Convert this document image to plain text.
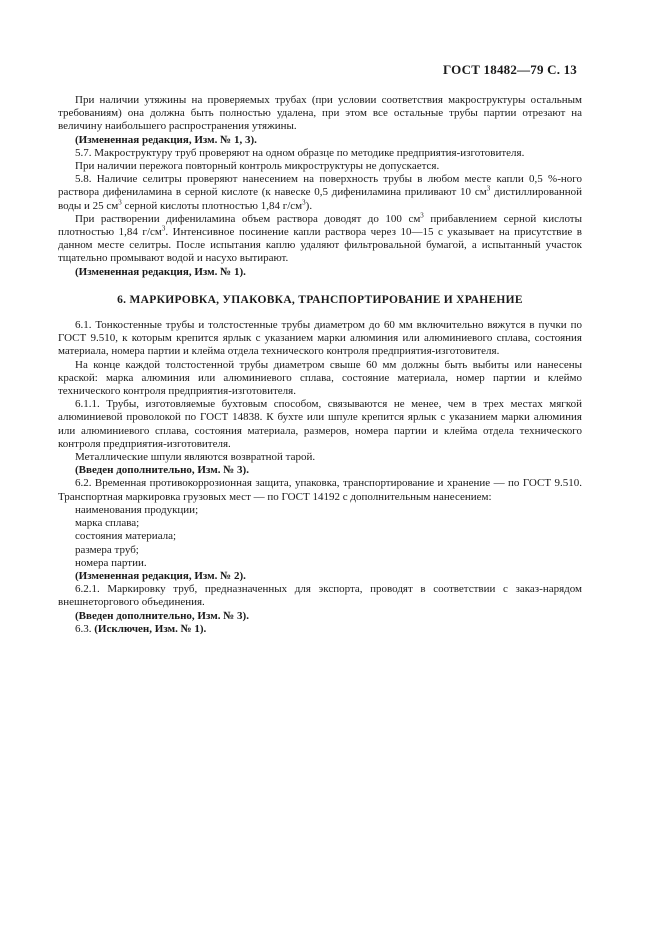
ГОСТ 18482—79 С. 13

При наличии утяжины на проверяемых трубах (при условии соответствия макроструктуры остальным требованиям) она должна быть полностью удалена, при этом все остальные трубы партии отрезают на величину наибольшего распространения утяжины.

(Измененная редакция, Изм. № 1, 3).

5.7. Макроструктуру труб проверяют на одном образце по методике предприятия-изготовителя.

При наличии пережога повторный контроль микроструктуры не допускается.

5.8. Наличие селитры проверяют нанесением на поверхность трубы в любом месте капли 0,5 %-ного раствора дифениламина в серной кислоте (к навеске 0,5 дифениламина приливают 10 $см^3$ дистиллированной воды и 25 $см^3$ серной кислоты плотностью 1,84 $г/см^3$).

При растворении дифениламина объем раствора доводят до 100 $см^3$ прибавлением серной кислоты плотностью 1,84 $г/см^3$. Интенсивное посинение капли раствора через 10—15 с указывает на присутствие в данном месте селитры. После испытания каплю удаляют фильтровальной бумагой, а испытанный участок тщательно промывают водой и насухо вытирают.

(Измененная редакция, Изм. № 1).

6. МАРКИРОВКА, УПАКОВКА, ТРАНСПОРТИРОВАНИЕ И ХРАНЕНИЕ

6.1. Тонкостенные трубы и толстостенные трубы диаметром до 60 мм включительно вяжутся в пучки по ГОСТ 9.510, к которым крепится ярлык с указанием марки алюминия или алюминиевого сплава, состояния материала, номера партии и клейма отдела технического контроля предприятия-изготовителя.

На конце каждой толстостенной трубы диаметром свыше 60 мм должны быть выбиты или нанесены краской: марка алюминия или алюминиевого сплава, состояние материала, номер партии и клеймо технического контроля предприятия-изготовителя.

6.1.1. Трубы, изготовляемые бухтовым способом, связываются не менее, чем в трех местах мягкой алюминиевой проволокой по ГОСТ 14838. К бухте или шпуле крепится ярлык с указанием марки алюминия или алюминиевого сплава, состояния материала, размеров, номера партии и клейма отдела технического контроля предприятия-изготовителя.

Металлические шпули являются возвратной тарой.

(Введен дополнительно, Изм. № 3).

6.2. Временная противокоррозионная защита, упаковка, транспортирование и хранение — по ГОСТ 9.510. Транспортная маркировка грузовых мест — по ГОСТ 14192 с дополнительным нанесением:

наименования продукции;

марка сплава;

состояния материала;

размера труб;

номера партии.

(Измененная редакция, Изм. № 2).

6.2.1. Маркировку труб, предназначенных для экспорта, проводят в соответствии с заказ-нарядом внешнеторгового объединения.

(Введен дополнительно, Изм. № 3).

6.3. (Исключен, Изм. № 1).
